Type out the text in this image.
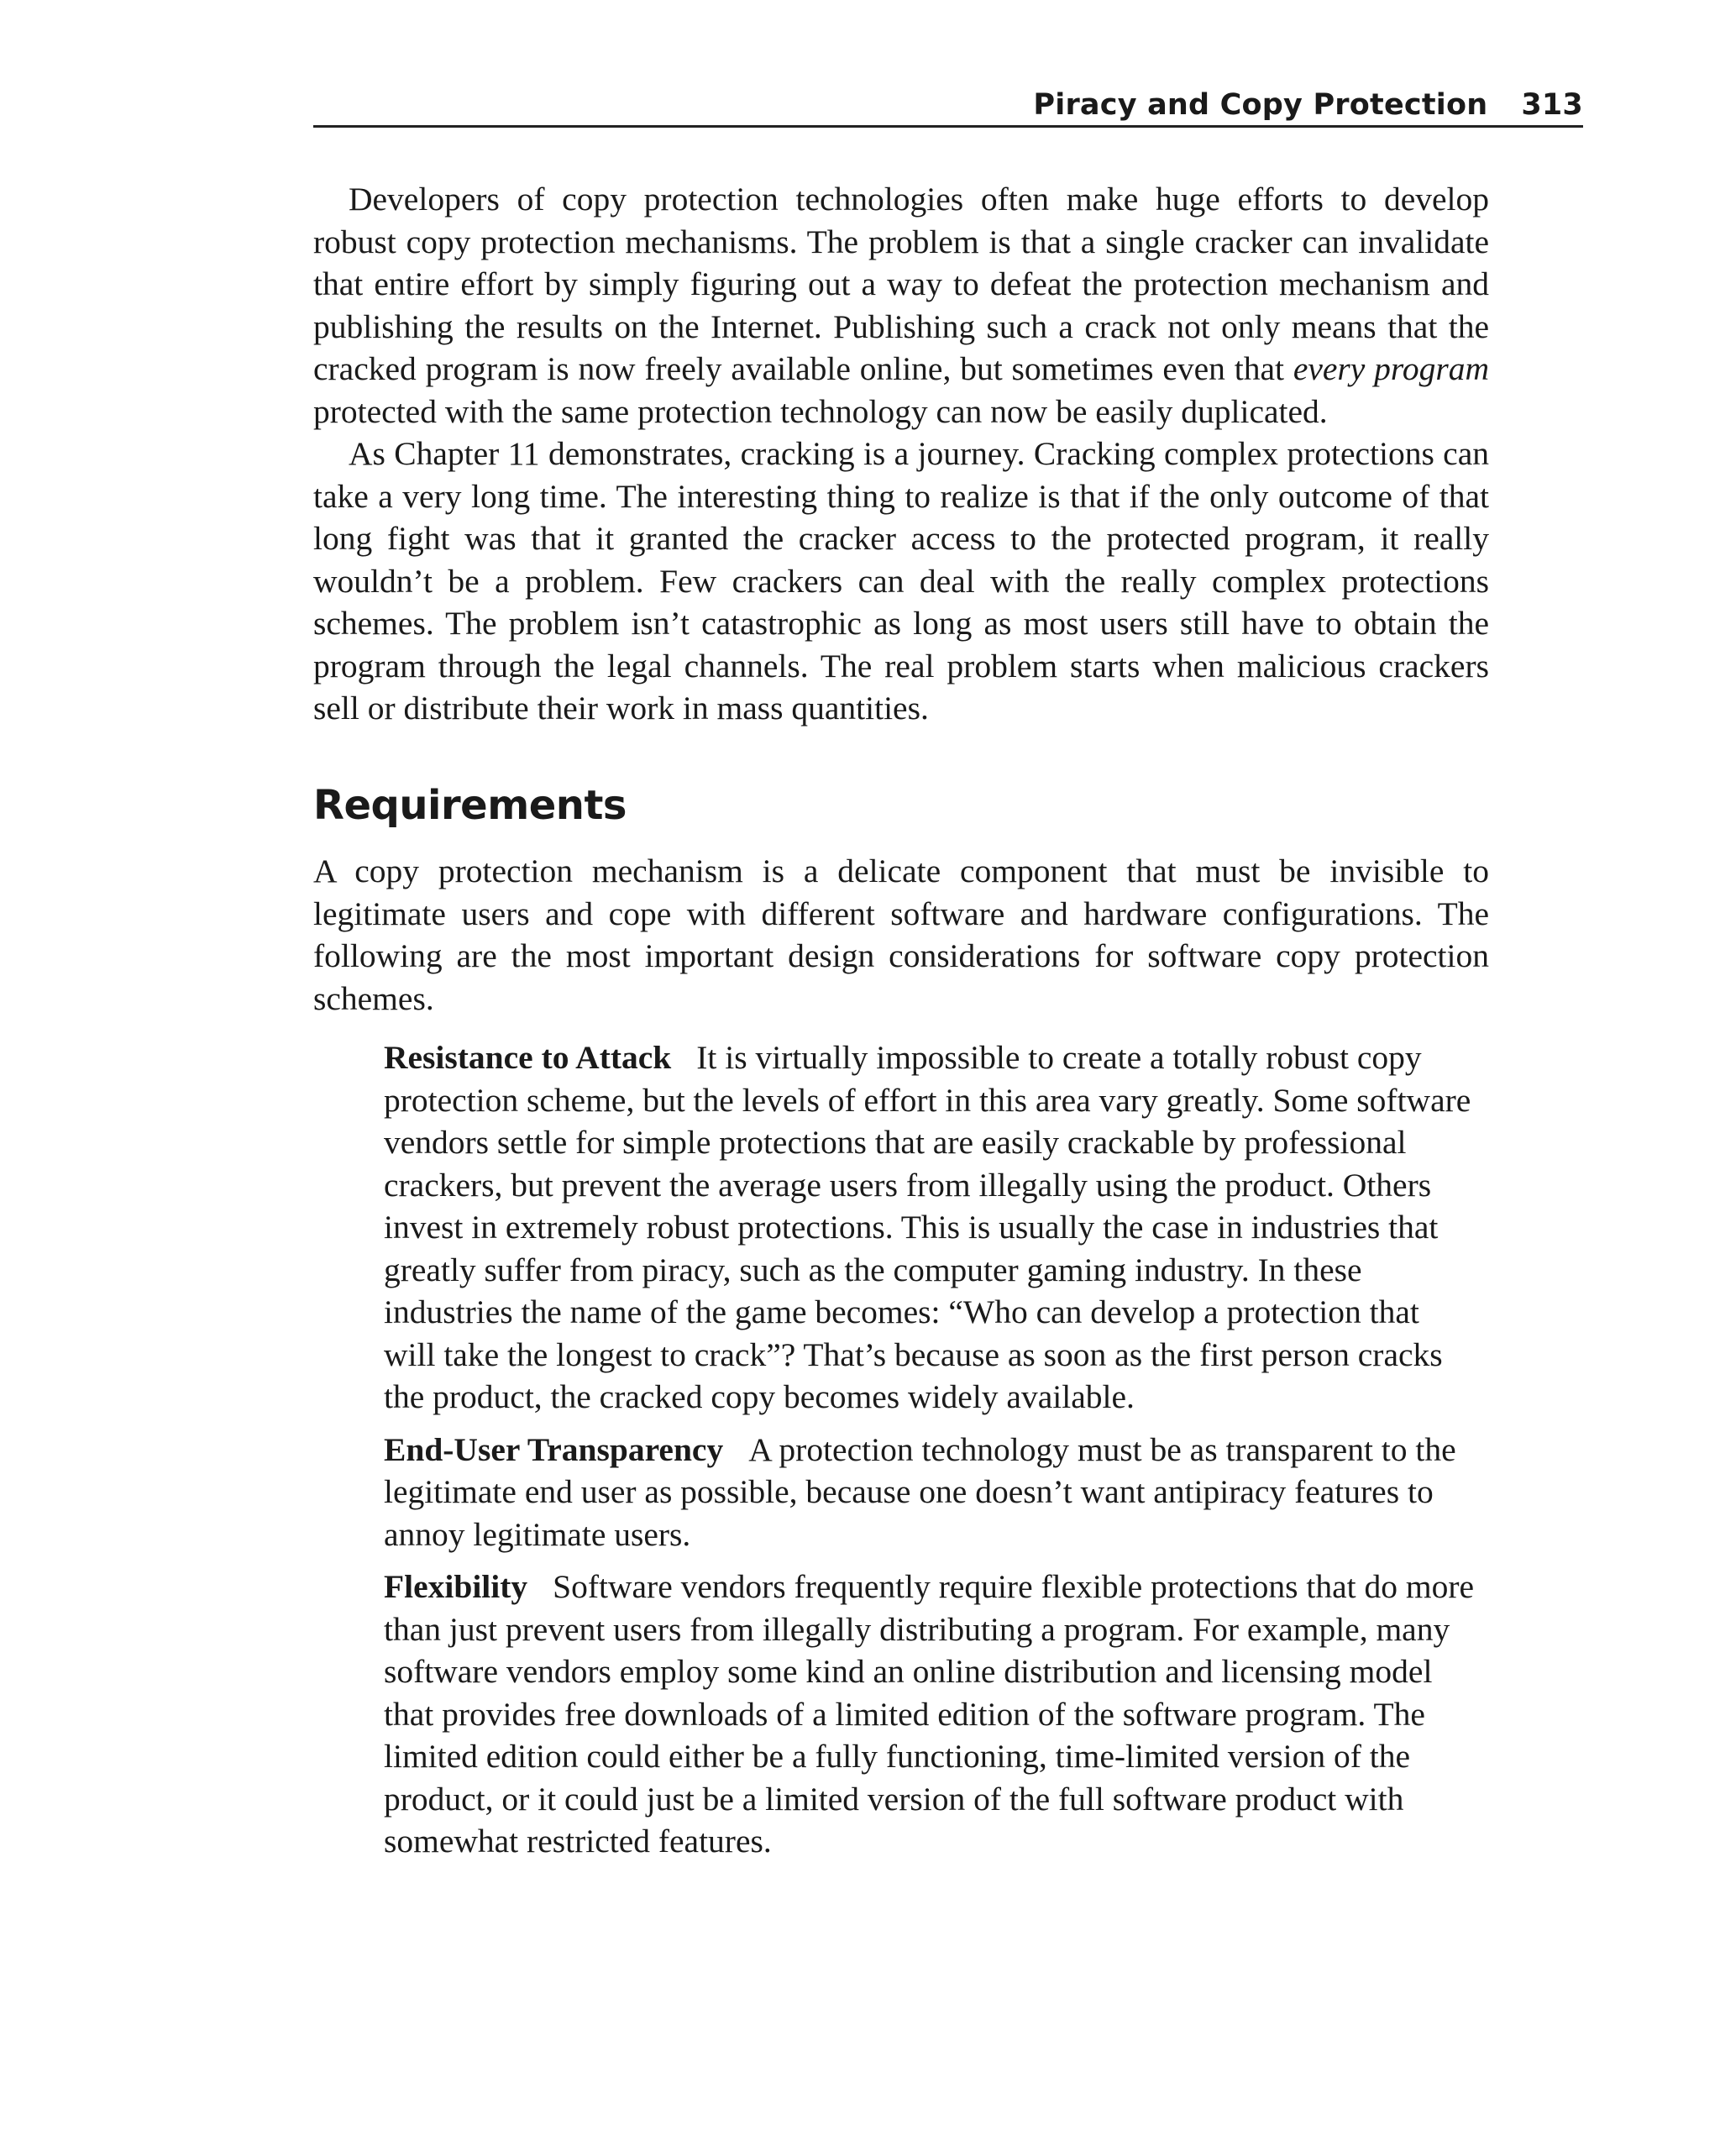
Piracy and Copy Protection 313

Developers of copy protection technologies often make huge efforts to develop robust copy protection mechanisms. The problem is that a single cracker can invalidate that entire effort by simply figuring out a way to defeat the protection mechanism and publishing the results on the Internet. Publishing such a crack not only means that the cracked program is now freely available online, but sometimes even that every program protected with the same protection technology can now be easily duplicated.

As Chapter 11 demonstrates, cracking is a journey. Cracking complex protections can take a very long time. The interesting thing to realize is that if the only outcome of that long fight was that it granted the cracker access to the protected program, it really wouldn’t be a problem. Few crackers can deal with the really complex protections schemes. The problem isn’t catastrophic as long as most users still have to obtain the program through the legal channels. The real problem starts when malicious crackers sell or distribute their work in mass quantities.

Requirements

A copy protection mechanism is a delicate component that must be invisible to legitimate users and cope with different software and hardware configurations. The following are the most important design considerations for software copy protection schemes.

Resistance to Attack It is virtually impossible to create a totally robust copy protection scheme, but the levels of effort in this area vary greatly. Some software vendors settle for simple protections that are easily crackable by professional crackers, but prevent the average users from illegally using the product. Others invest in extremely robust protections. This is usually the case in industries that greatly suffer from piracy, such as the computer gaming industry. In these industries the name of the game becomes: “Who can develop a protection that will take the longest to crack”? That’s because as soon as the first person cracks the product, the cracked copy becomes widely available.

End-User Transparency A protection technology must be as transparent to the legitimate end user as possible, because one doesn’t want antipiracy features to annoy legitimate users.

Flexibility Software vendors frequently require flexible protections that do more than just prevent users from illegally distributing a program. For example, many software vendors employ some kind an online distribution and licensing model that provides free downloads of a limited edition of the software program. The limited edition could either be a fully functioning, time-limited version of the product, or it could just be a limited version of the full software product with somewhat restricted features.
